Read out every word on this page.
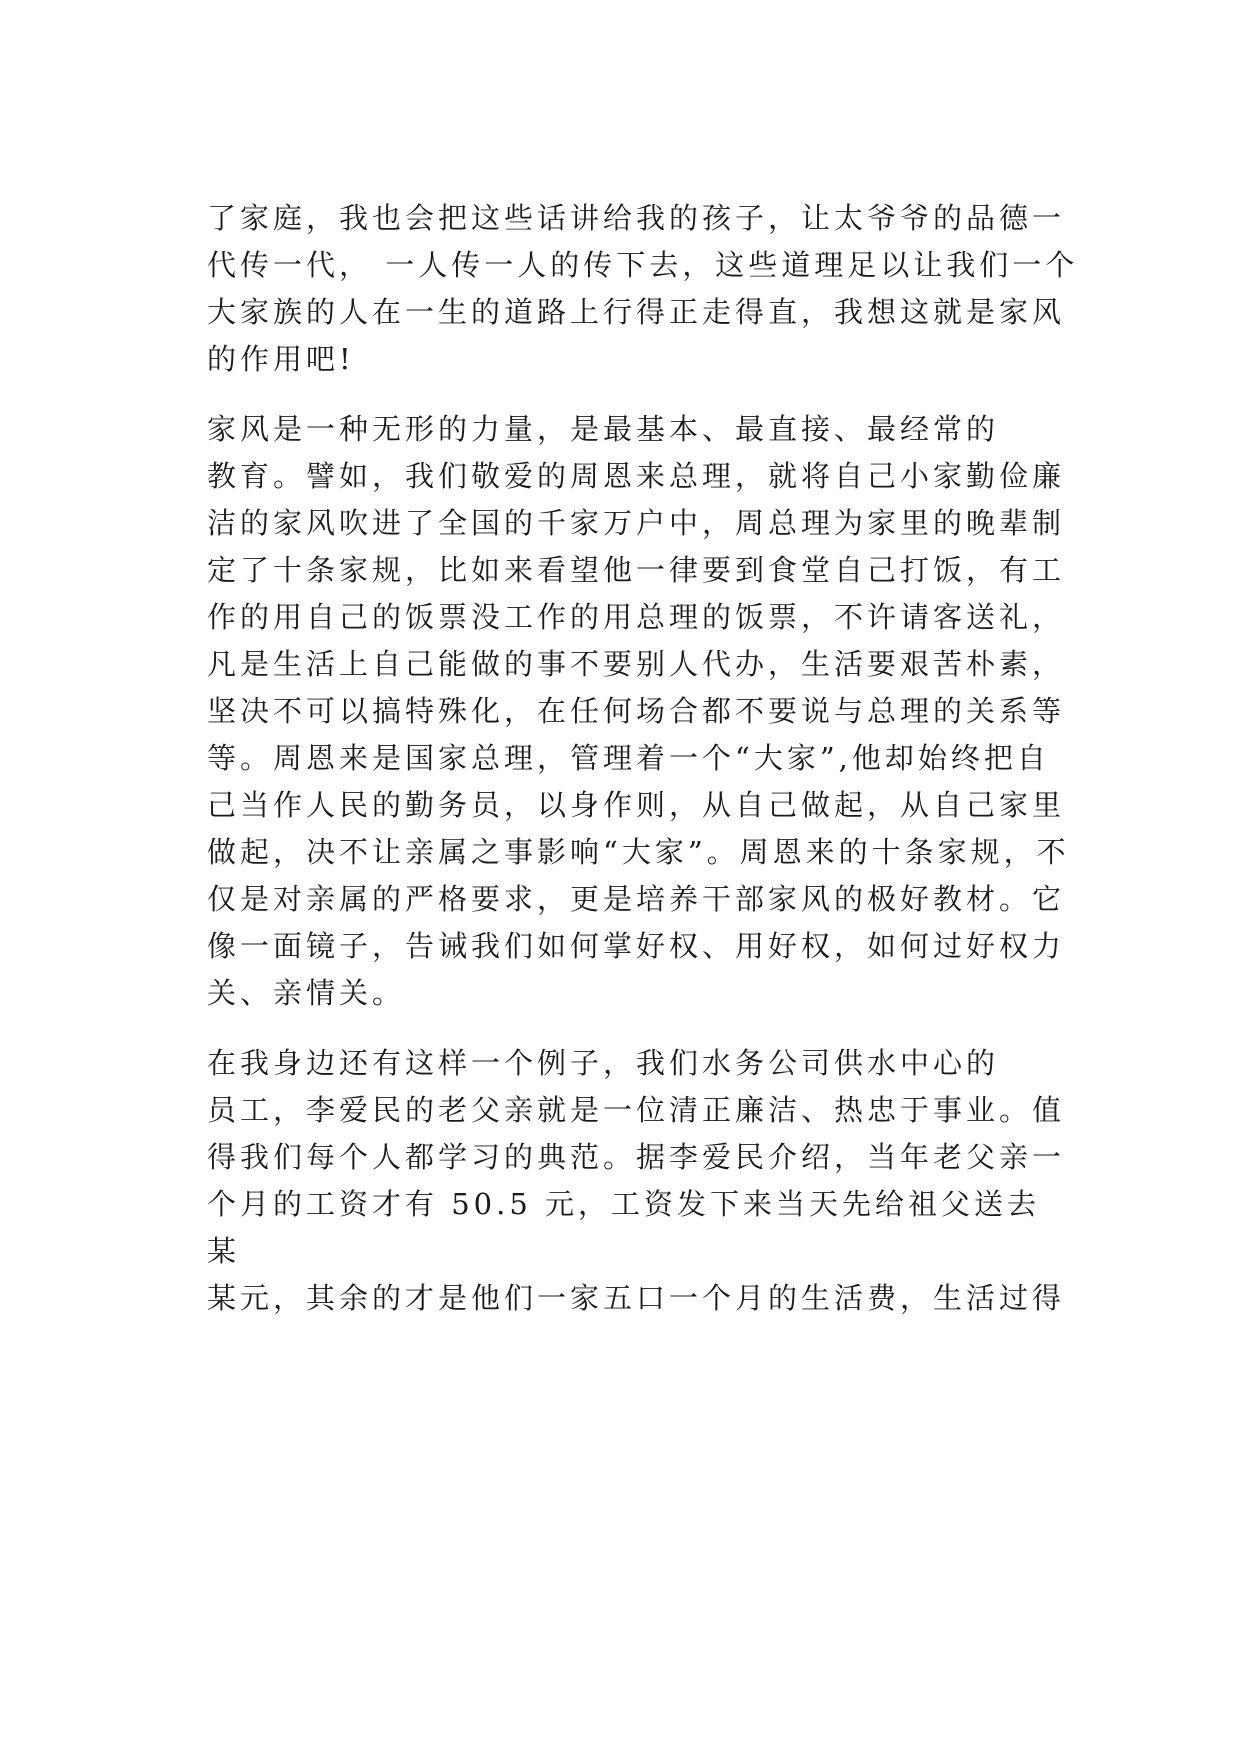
了家庭，我也会把这些话讲给我的孩子，让太爷爷的品德一
代传一代， 一人传一人的传下去，这些道理足以让我们一个
大家族的人在一生的道路上行得正走得直，我想这就是家风
的作用吧!
家风是一种无形的力量，是最基本、最直接、最经常的
教育。譬如，我们敬爱的周恩来总理，就将自己小家勤俭廉
洁的家风吹进了全国的千家万户中，周总理为家里的晚辈制
定了十条家规，比如来看望他一律要到食堂自己打饭，有工
作的用自己的饭票没工作的用总理的饭票，不许请客送礼，
凡是生活上自己能做的事不要别人代办，生活要艰苦朴素，
坚决不可以搞特殊化，在任何场合都不要说与总理的关系等
等。周恩来是国家总理，管理着一个“大家”,他却始终把自
己当作人民的勤务员，以身作则，从自己做起，从自己家里
做起，决不让亲属之事影响“大家”。周恩来的十条家规，不
仅是对亲属的严格要求，更是培养干部家风的极好教材。它
像一面镜子，告诫我们如何掌好权、用好权，如何过好权力
关、亲情关。
在我身边还有这样一个例子，我们水务公司供水中心的
员工，李爱民的老父亲就是一位清正廉洁、热忠于事业。值
得我们每个人都学习的典范。据李爱民介绍，当年老父亲一
个月的工资才有 50.5 元，工资发下来当天先给祖父送去
某
某元，其余的才是他们一家五口一个月的生活费，生活过得
